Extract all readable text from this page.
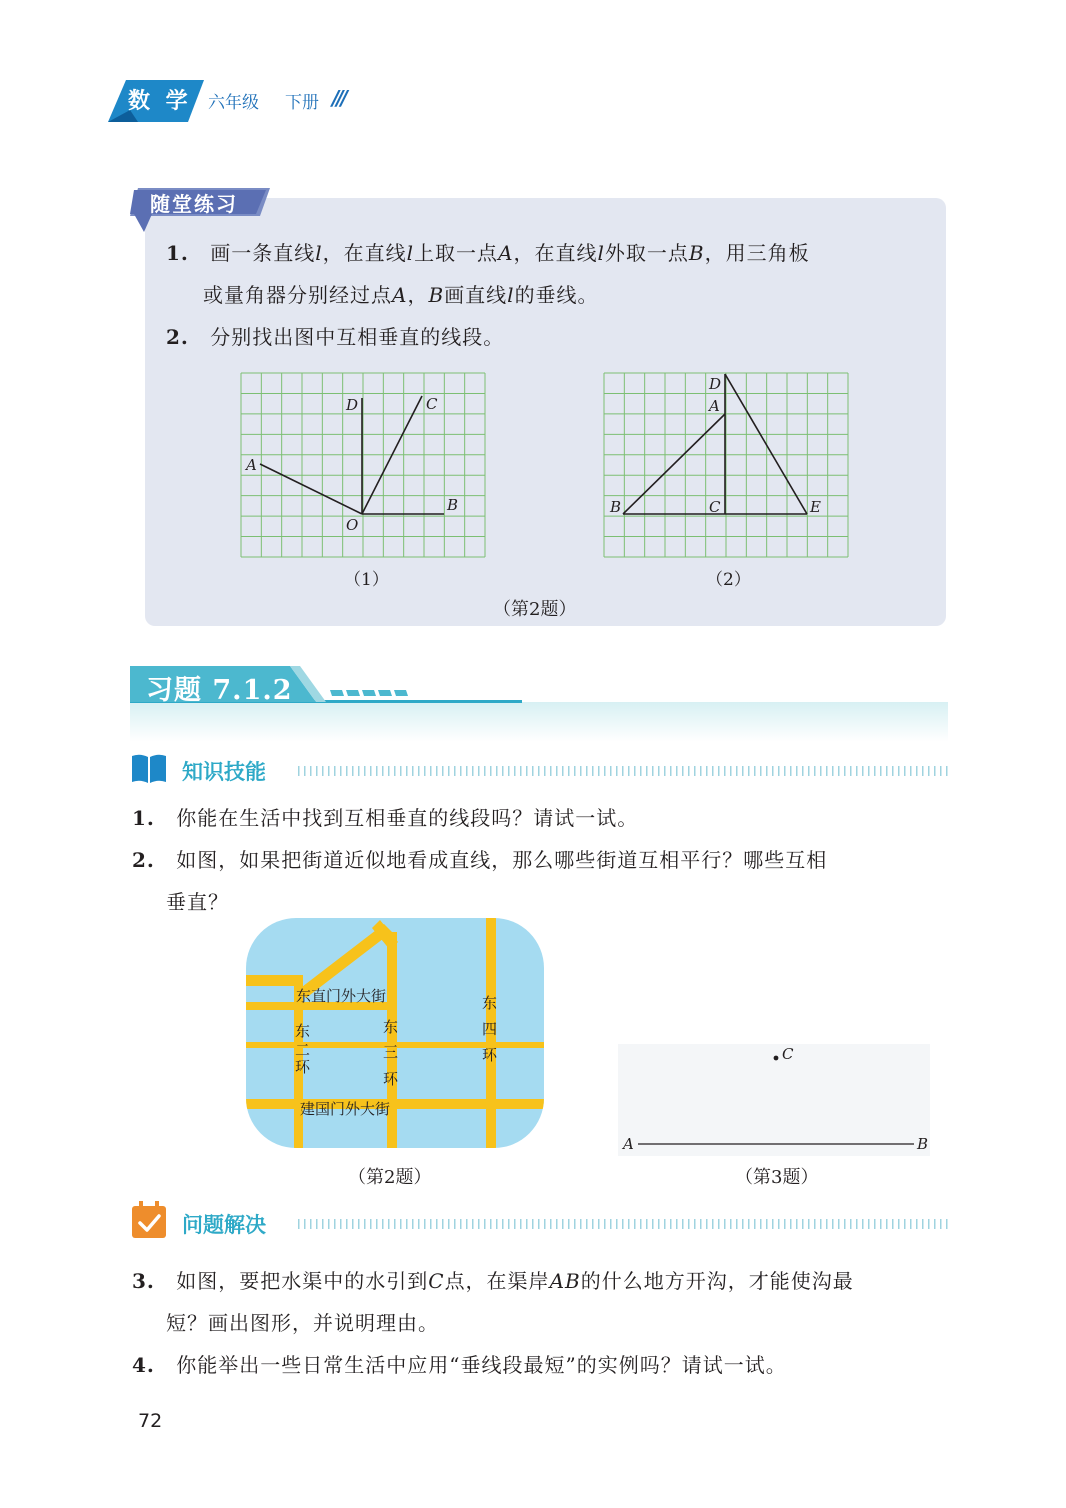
数 学 六年级 下册 ///
随堂练习
1. 画一条直线l，在直线l上取一点A，在直线l外取一点B，用三角板
或量角器分别经过点A，B画直线l的垂线。
2. 分别找出图中互相垂直的线段。
D	C
A
B
O
（1）
D
A
B	C	E
（2）
（第2题）
习题 7.1.2
知识技能
1. 你能在生活中找到互相垂直的线段吗？请试一试。
2. 如图，如果把街道近似地看成直线，那么哪些街道互相平行？哪些互相
垂直？
东直门外大街
东
二
环
东
三
环
东
四
环
建国门外大街
（第2题）
C
A	B
（第3题）
问题解决
3. 如图，要把水渠中的水引到C点，在渠岸AB的什么地方开沟，才能使沟最
短？画出图形，并说明理由。
4. 你能举出一些日常生活中应用“垂线段最短”的实例吗？请试一试。
72
